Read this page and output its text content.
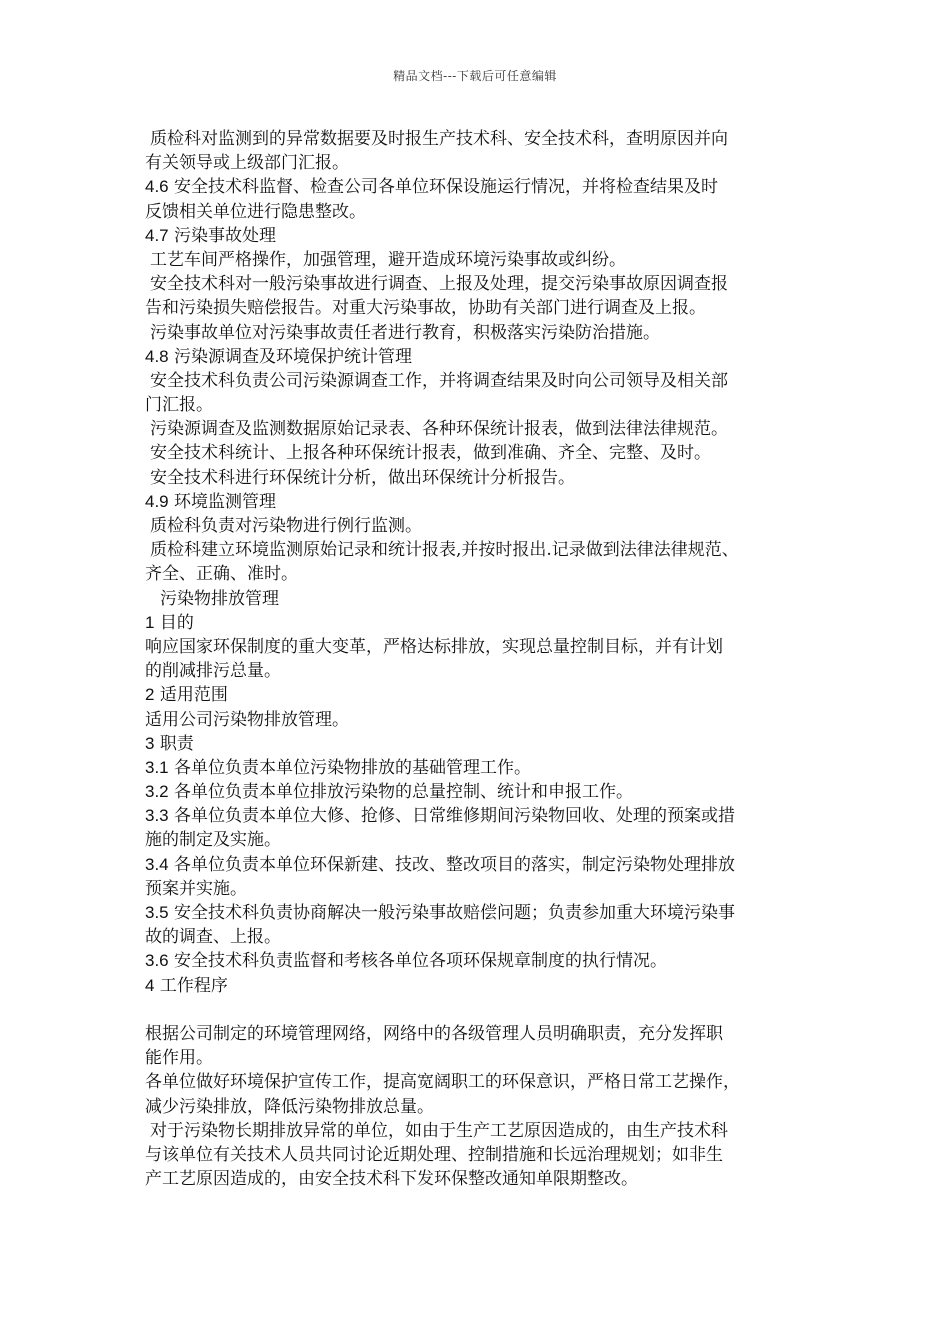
精品文档---下载后可任意编辑
质检科对监测到的异常数据要及时报生产技术科、安全技术科，查明原因并向
有关领导或上级部门汇报。
4.6 安全技术科监督、检查公司各单位环保设施运行情况，并将检查结果及时
反馈相关单位进行隐患整改。
4.7 污染事故处理
工艺车间严格操作，加强管理，避开造成环境污染事故或纠纷。
安全技术科对一般污染事故进行调查、上报及处理，提交污染事故原因调查报
告和污染损失赔偿报告。对重大污染事故，协助有关部门进行调查及上报。
污染事故单位对污染事故责任者进行教育，积极落实污染防治措施。
4.8 污染源调查及环境保护统计管理
安全技术科负责公司污染源调查工作，并将调查结果及时向公司领导及相关部
门汇报。
污染源调查及监测数据原始记录表、各种环保统计报表，做到法律法律规范。
安全技术科统计、上报各种环保统计报表，做到准确、齐全、完整、及时。
安全技术科进行环保统计分析，做出环保统计分析报告。
4.9 环境监测管理
质检科负责对污染物进行例行监测。
质检科建立环境监测原始记录和统计报表,并按时报出.记录做到法律法律规范、
齐全、正确、准时。
污染物排放管理
1 目的
响应国家环保制度的重大变革，严格达标排放，实现总量控制目标，并有计划
的削减排污总量。
2 适用范围
适用公司污染物排放管理。
3 职责
3.1 各单位负责本单位污染物排放的基础管理工作。
3.2 各单位负责本单位排放污染物的总量控制、统计和申报工作。
3.3 各单位负责本单位大修、抢修、日常维修期间污染物回收、处理的预案或措
施的制定及实施。
3.4 各单位负责本单位环保新建、技改、整改项目的落实，制定污染物处理排放
预案并实施。
3.5 安全技术科负责协商解决一般污染事故赔偿问题；负责参加重大环境污染事
故的调查、上报。
3.6 安全技术科负责监督和考核各单位各项环保规章制度的执行情况。
4 工作程序
根据公司制定的环境管理网络，网络中的各级管理人员明确职责，充分发挥职
能作用。
各单位做好环境保护宣传工作，提高宽阔职工的环保意识，严格日常工艺操作，
减少污染排放，降低污染物排放总量。
对于污染物长期排放异常的单位，如由于生产工艺原因造成的，由生产技术科
与该单位有关技术人员共同讨论近期处理、控制措施和长远治理规划；如非生
产工艺原因造成的，由安全技术科下发环保整改通知单限期整改。
